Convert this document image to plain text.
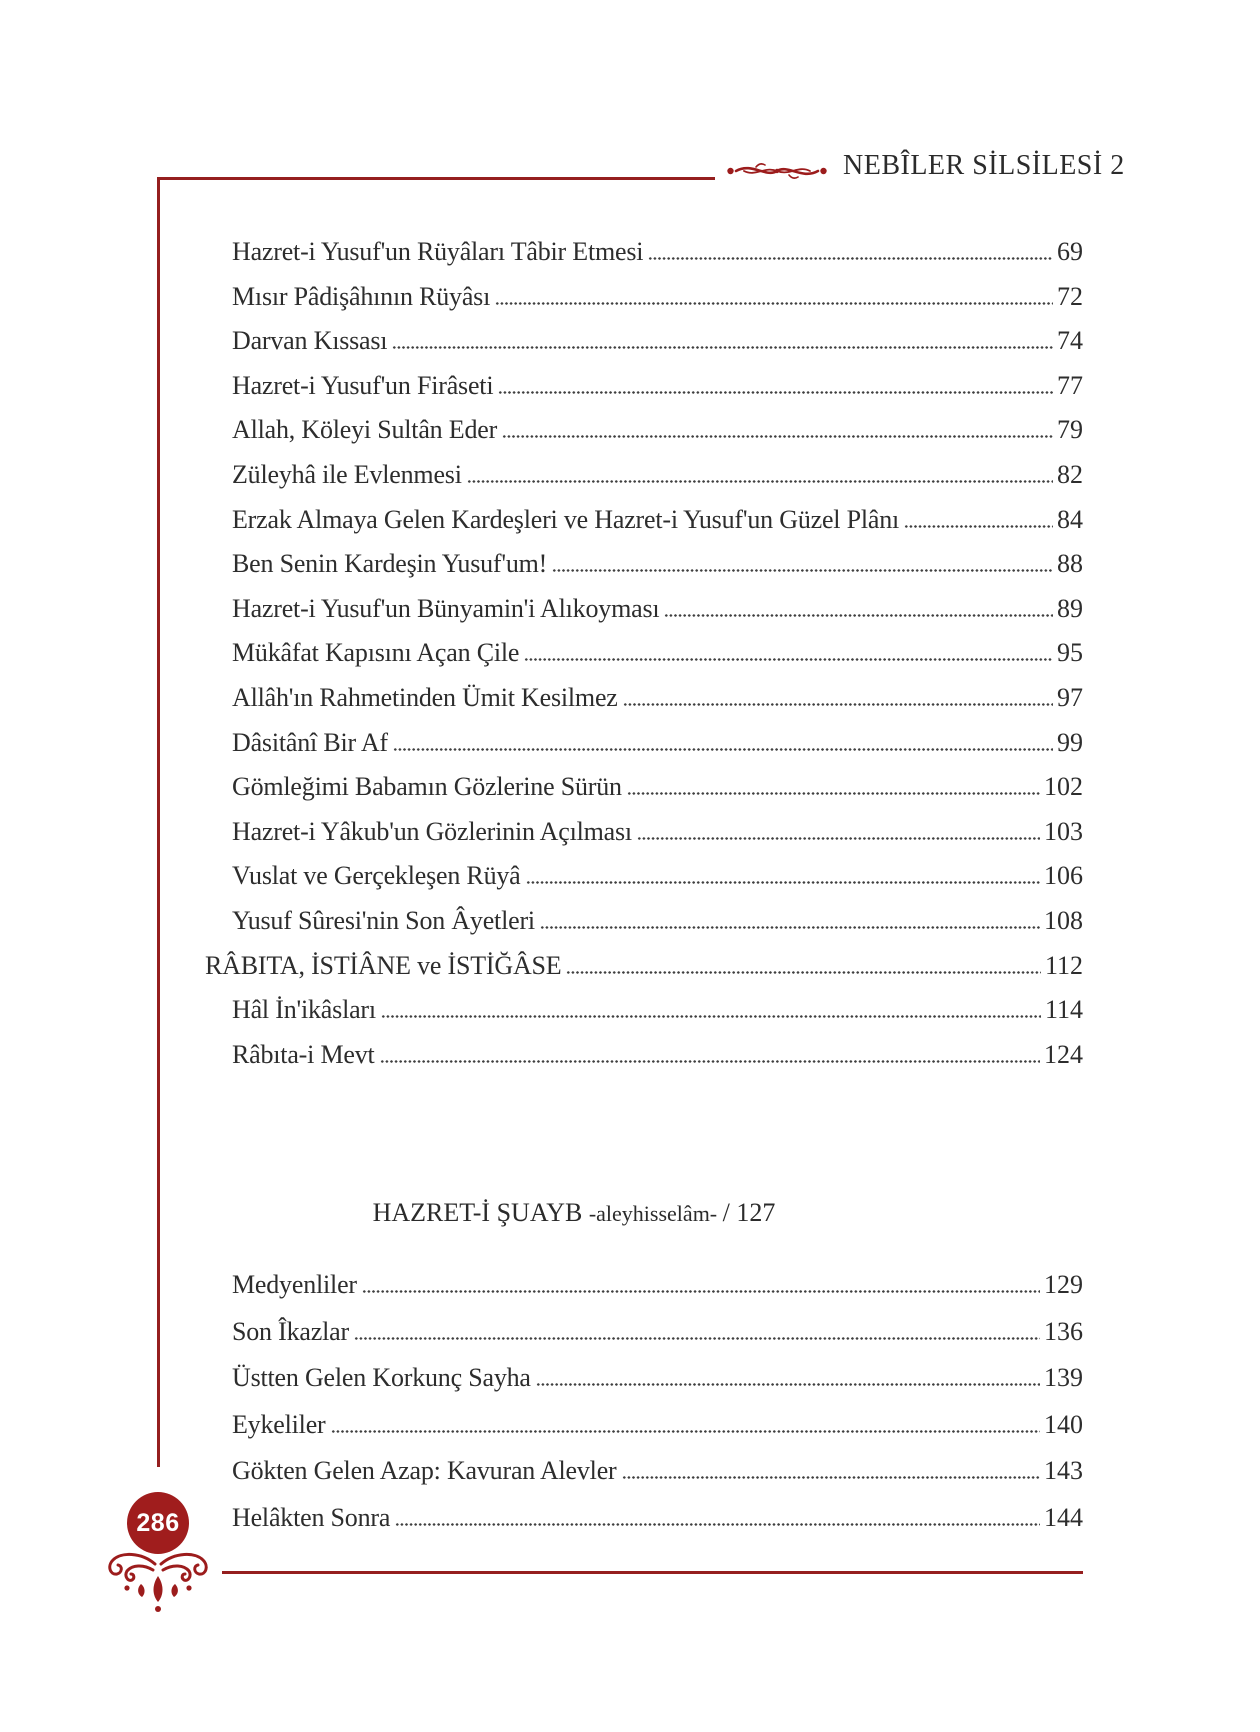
NEBÎLER SİLSİLESİ 2
Hazret-i Yusuf'un Rüyâları Tâbir Etmesi	69
Mısır Pâdişâhının Rüyâsı	72
Darvan Kıssası	74
Hazret-i Yusuf'un Firâseti	77
Allah, Köleyi Sultân Eder	79
Züleyhâ ile Evlenmesi	82
Erzak Almaya Gelen Kardeşleri ve Hazret-i Yusuf'un Güzel Plânı	84
Ben Senin Kardeşin Yusuf'um!	88
Hazret-i Yusuf'un Bünyamin'i Alıkoyması	89
Mükâfat Kapısını Açan Çile	95
Allâh'ın Rahmetinden Ümit Kesilmez	97
Dâsitânî Bir Af	99
Gömleğimi Babamın Gözlerine Sürün	102
Hazret-i Yâkub'un Gözlerinin Açılması	103
Vuslat ve Gerçekleşen Rüyâ	106
Yusuf Sûresi'nin Son Âyetleri	108
RÂBITA, İSTİÂNE ve İSTİĞÂSE	112
Hâl İn'ikâsları	114
Râbıta-i Mevt	124
HAZRET-İ ŞUAYB -aleyhisselâm- / 127
Medyenliler	129
Son Îkazlar	136
Üstten Gelen Korkunç Sayha	139
Eykeliler	140
Gökten Gelen Azap: Kavuran Alevler	143
Helâkten Sonra	144
286
